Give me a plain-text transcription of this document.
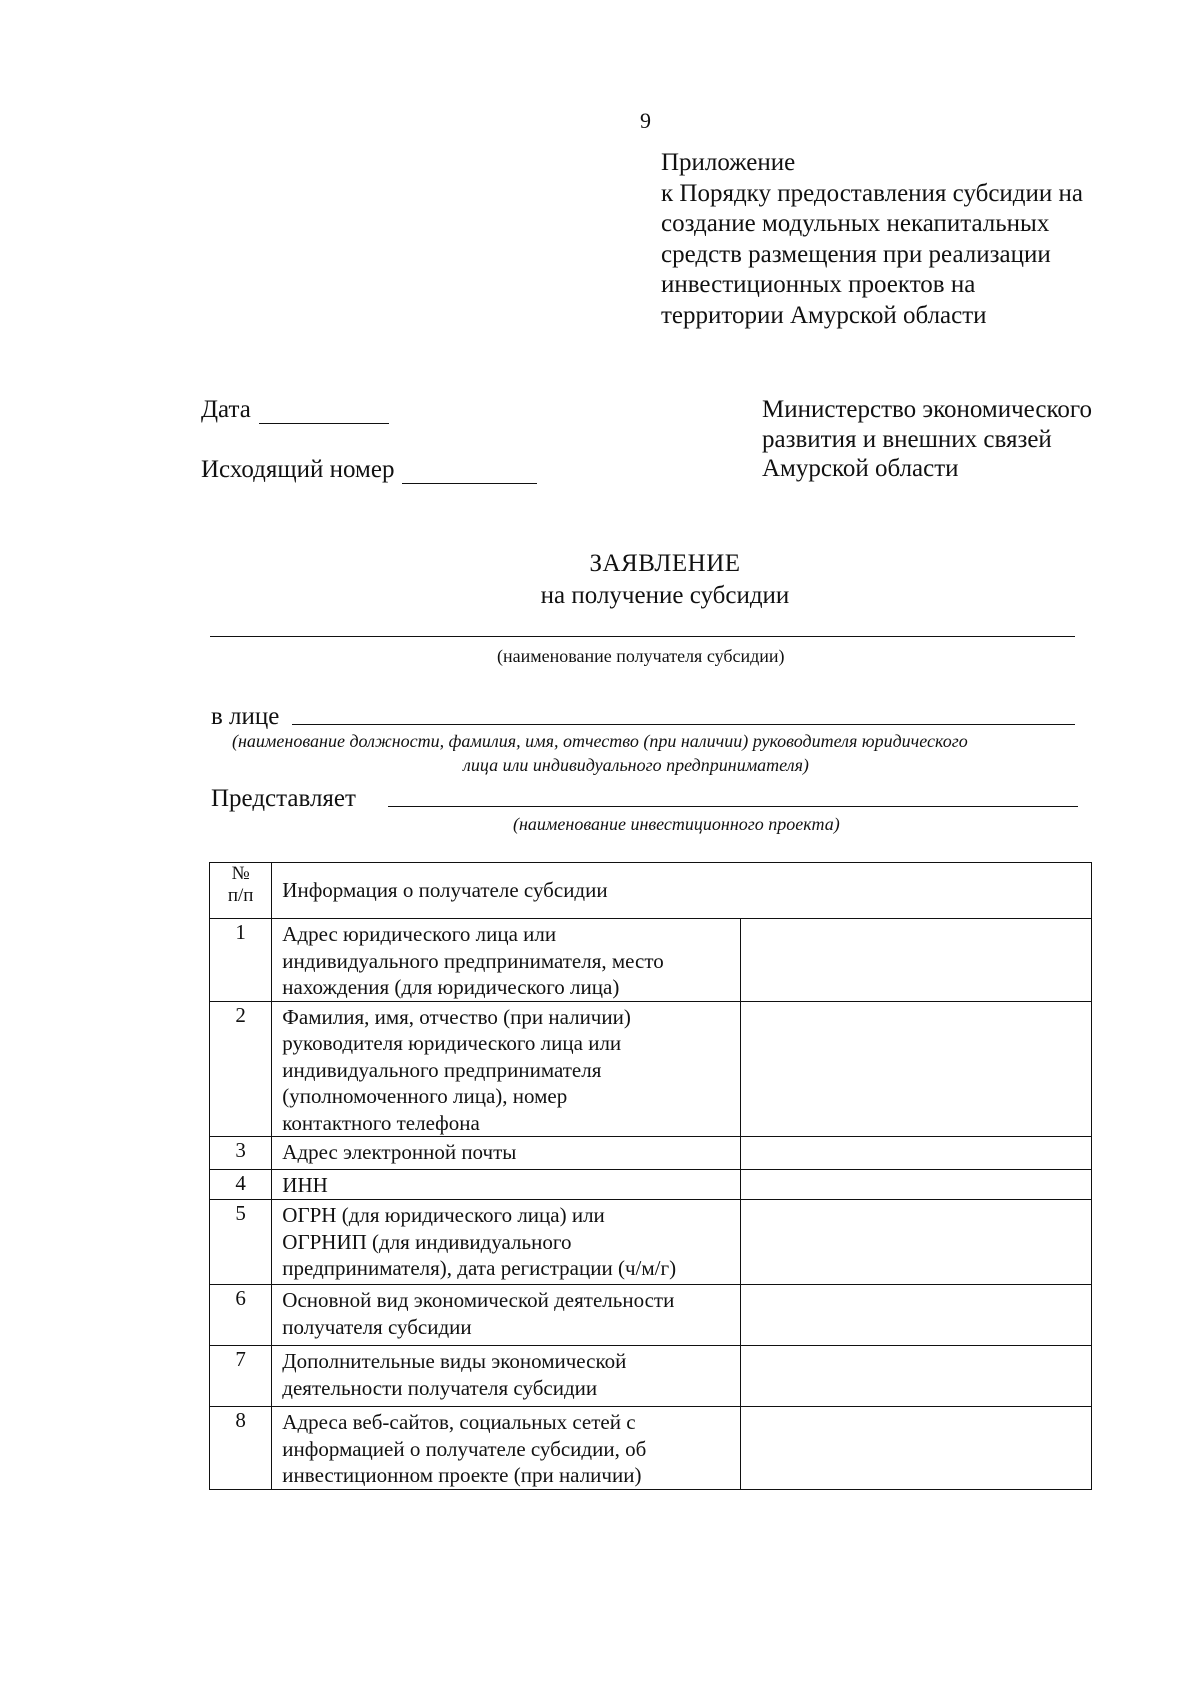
9
Приложение
к Порядку предоставления субсидии на
создание модульных некапитальных
средств размещения при реализации
инвестиционных проектов на
территории Амурской области
Дата
Исходящий номер
Министерство экономического
развития и внешних связей
Амурской области
ЗАЯВЛЕНИЕ
на получение субсидии
(наименование получателя субсидии)
в лице
(наименование должности, фамилия, имя, отчество (при наличии) руководителя юридического
лица или индивидуального предпринимателя)
Представляет
(наименование инвестиционного проекта)
№
п/п	Информация о получателе субсидии	
1	Адрес юридического лица или
индивидуального предпринимателя, место
нахождения (для юридического лица)	

2	Фамилия, имя, отчество (при наличии)
руководителя юридического лица или
индивидуального предпринимателя
(уполномоченного лица), номер
контактного телефона	

3	Адрес электронной почты	

4	ИНН	

5	ОГРН (для юридического лица) или
ОГРНИП (для индивидуального
предпринимателя), дата регистрации (ч/м/г)	

6	Основной вид экономической деятельности
получателя субсидии	

7	Дополнительные виды экономической
деятельности получателя субсидии	

8	Адреса веб-сайтов, социальных сетей с
информацией о получателе субсидии, об
инвестиционном проекте (при наличии)	
